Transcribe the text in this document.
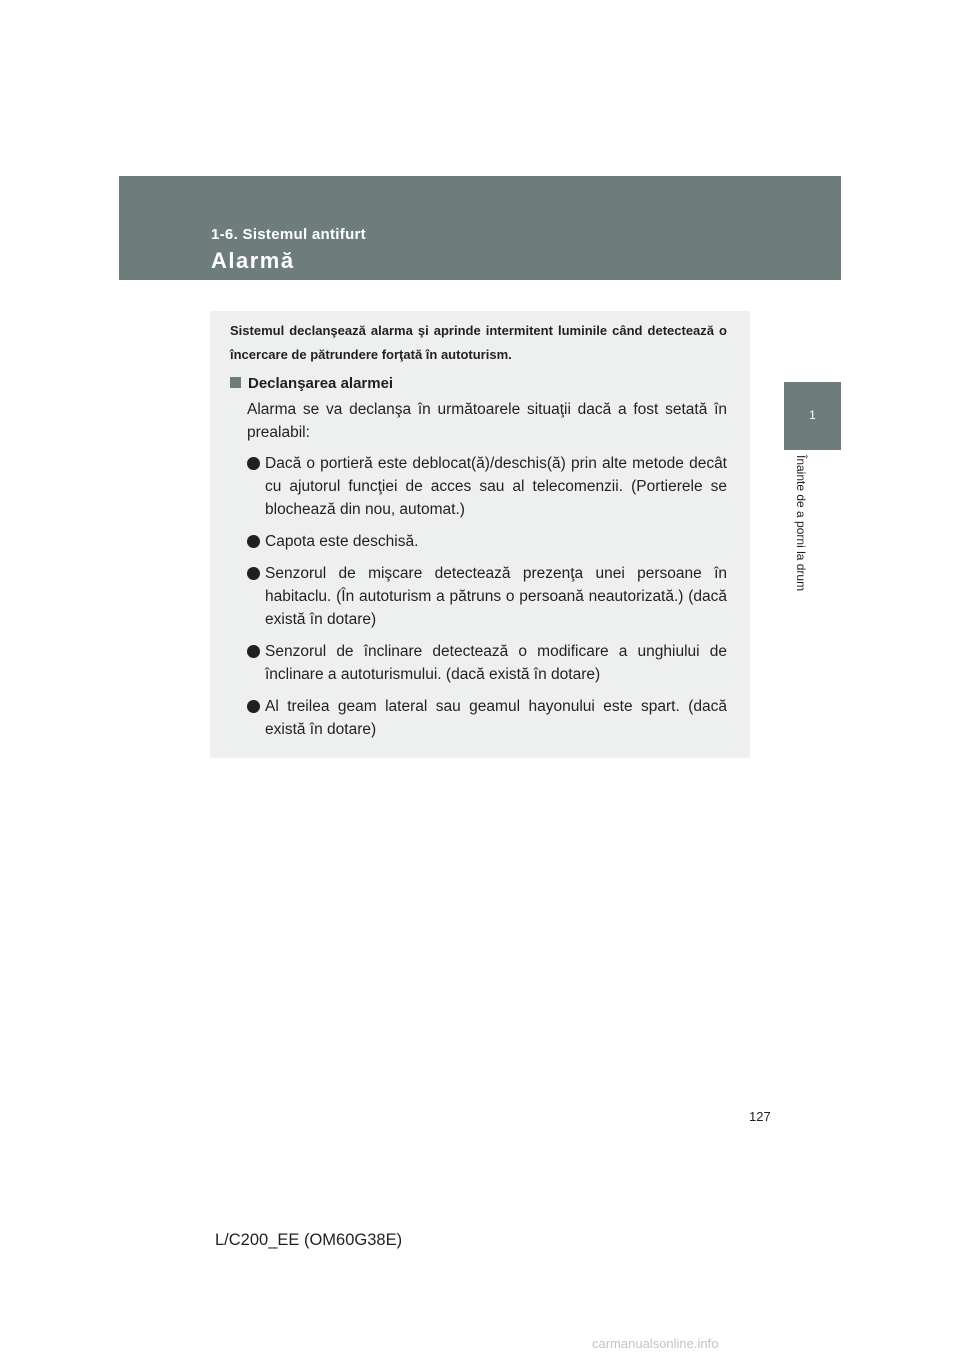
1-6. Sistemul antifurt
Alarmă
1
Înainte de a porni la drum

Sistemul declanşează alarma şi aprinde intermitent luminile când detectează o încercare de pătrundere forţată în autoturism.

Declanşarea alarmei

Alarma se va declanşa în următoarele situaţii dacă a fost setată în prealabil:

Dacă o portieră este deblocat(ă)/deschis(ă) prin alte metode decât cu ajutorul funcţiei de acces sau al telecomenzii. (Portierele se blochează din nou, automat.)
Capota este deschisă.
Senzorul de mişcare detectează prezenţa unei persoane în habitaclu. (În autoturism a pătruns o persoană neautorizată.) (dacă există în dotare)
Senzorul de înclinare detectează o modificare a unghiului de înclinare a autoturismului. (dacă există în dotare)
Al treilea geam lateral sau geamul hayonului este spart. (dacă există în dotare)
127
L/C200_EE (OM60G38E)
carmanualsonline.info
